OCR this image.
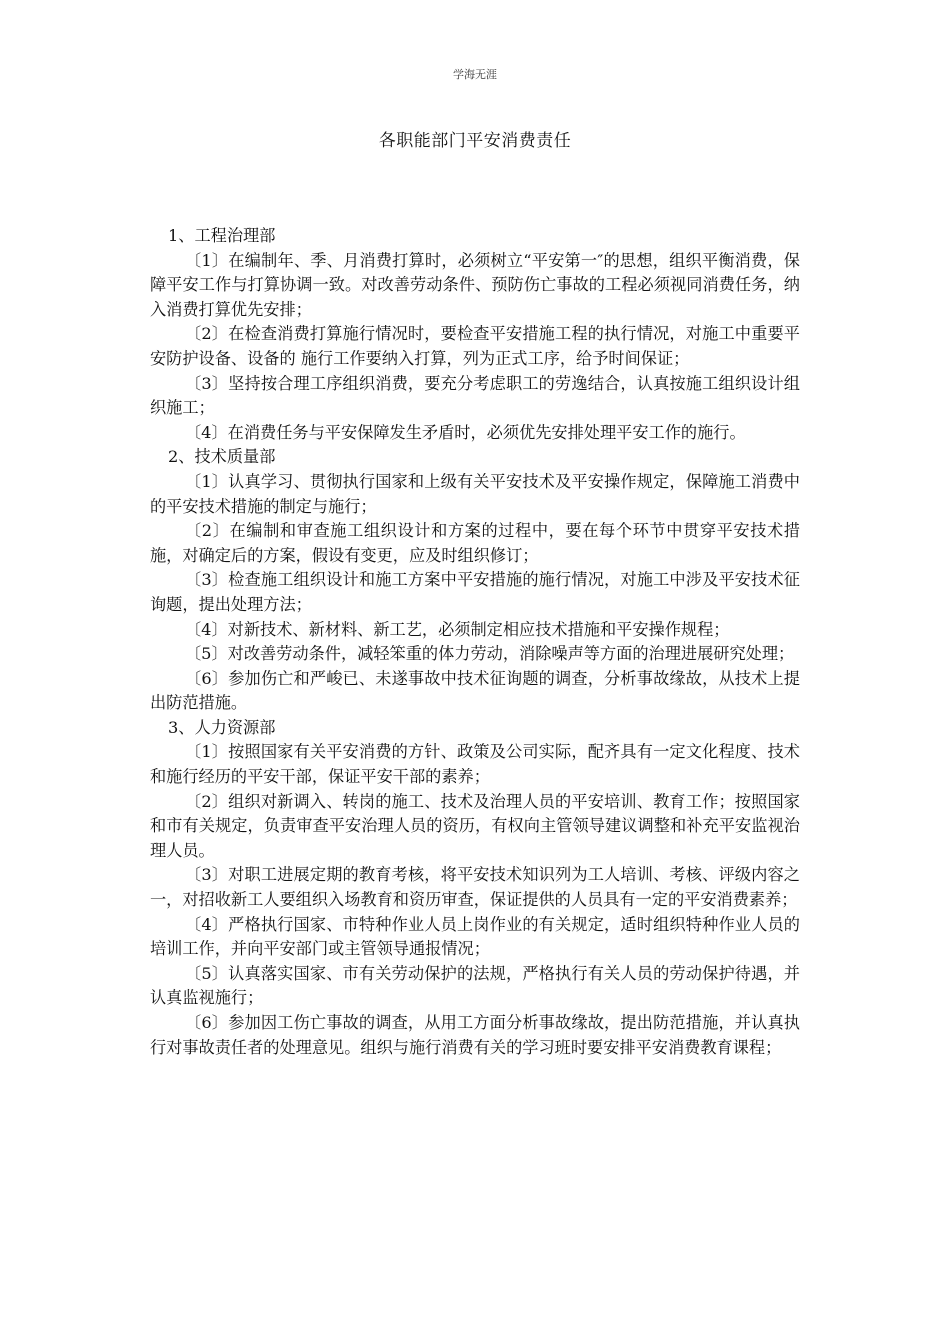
学海无涯
各职能部门平安消费责任

1、工程治理部

〔1〕在编制年、季、月消费打算时，必须树立“平安第一″的思想，组织平衡消费，保障平安工作与打算协调一致。对改善劳动条件、预防伤亡事故的工程必须视同消费任务，纳入消费打算优先安排；

〔2〕在检查消费打算施行情况时，要检查平安措施工程的执行情况，对施工中重要平安防护设备、设备的 施行工作要纳入打算，列为正式工序，给予时间保证；

〔3〕坚持按合理工序组织消费，要充分考虑职工的劳逸结合，认真按施工组织设计组织施工；

〔4〕在消费任务与平安保障发生矛盾时，必须优先安排处理平安工作的施行。

2、技术质量部

〔1〕认真学习、贯彻执行国家和上级有关平安技术及平安操作规定，保障施工消费中的平安技术措施的制定与施行；

〔2〕在编制和审查施工组织设计和方案的过程中，要在每个环节中贯穿平安技术措施，对确定后的方案，假设有变更，应及时组织修订；

〔3〕检查施工组织设计和施工方案中平安措施的施行情况，对施工中涉及平安技术征询题，提出处理方法；

〔4〕对新技术、新材料、新工艺，必须制定相应技术措施和平安操作规程；

〔5〕对改善劳动条件，减轻笨重的体力劳动，消除噪声等方面的治理进展研究处理；

〔6〕参加伤亡和严峻已、未遂事故中技术征询题的调查，分析事故缘故，从技术上提出防范措施。

3、人力资源部

〔1〕按照国家有关平安消费的方针、政策及公司实际，配齐具有一定文化程度、技术和施行经历的平安干部，保证平安干部的素养；

〔2〕组织对新调入、转岗的施工、技术及治理人员的平安培训、教育工作；按照国家和市有关规定，负责审查平安治理人员的资历，有权向主管领导建议调整和补充平安监视治理人员。

〔3〕对职工进展定期的教育考核，将平安技术知识列为工人培训、考核、评级内容之一，对招收新工人要组织入场教育和资历审查，保证提供的人员具有一定的平安消费素养；

〔4〕严格执行国家、市特种作业人员上岗作业的有关规定，适时组织特种作业人员的培训工作，并向平安部门或主管领导通报情况；

〔5〕认真落实国家、市有关劳动保护的法规，严格执行有关人员的劳动保护待遇，并认真监视施行；

〔6〕参加因工伤亡事故的调查，从用工方面分析事故缘故，提出防范措施，并认真执行对事故责任者的处理意见。组织与施行消费有关的学习班时要安排平安消费教育课程；
